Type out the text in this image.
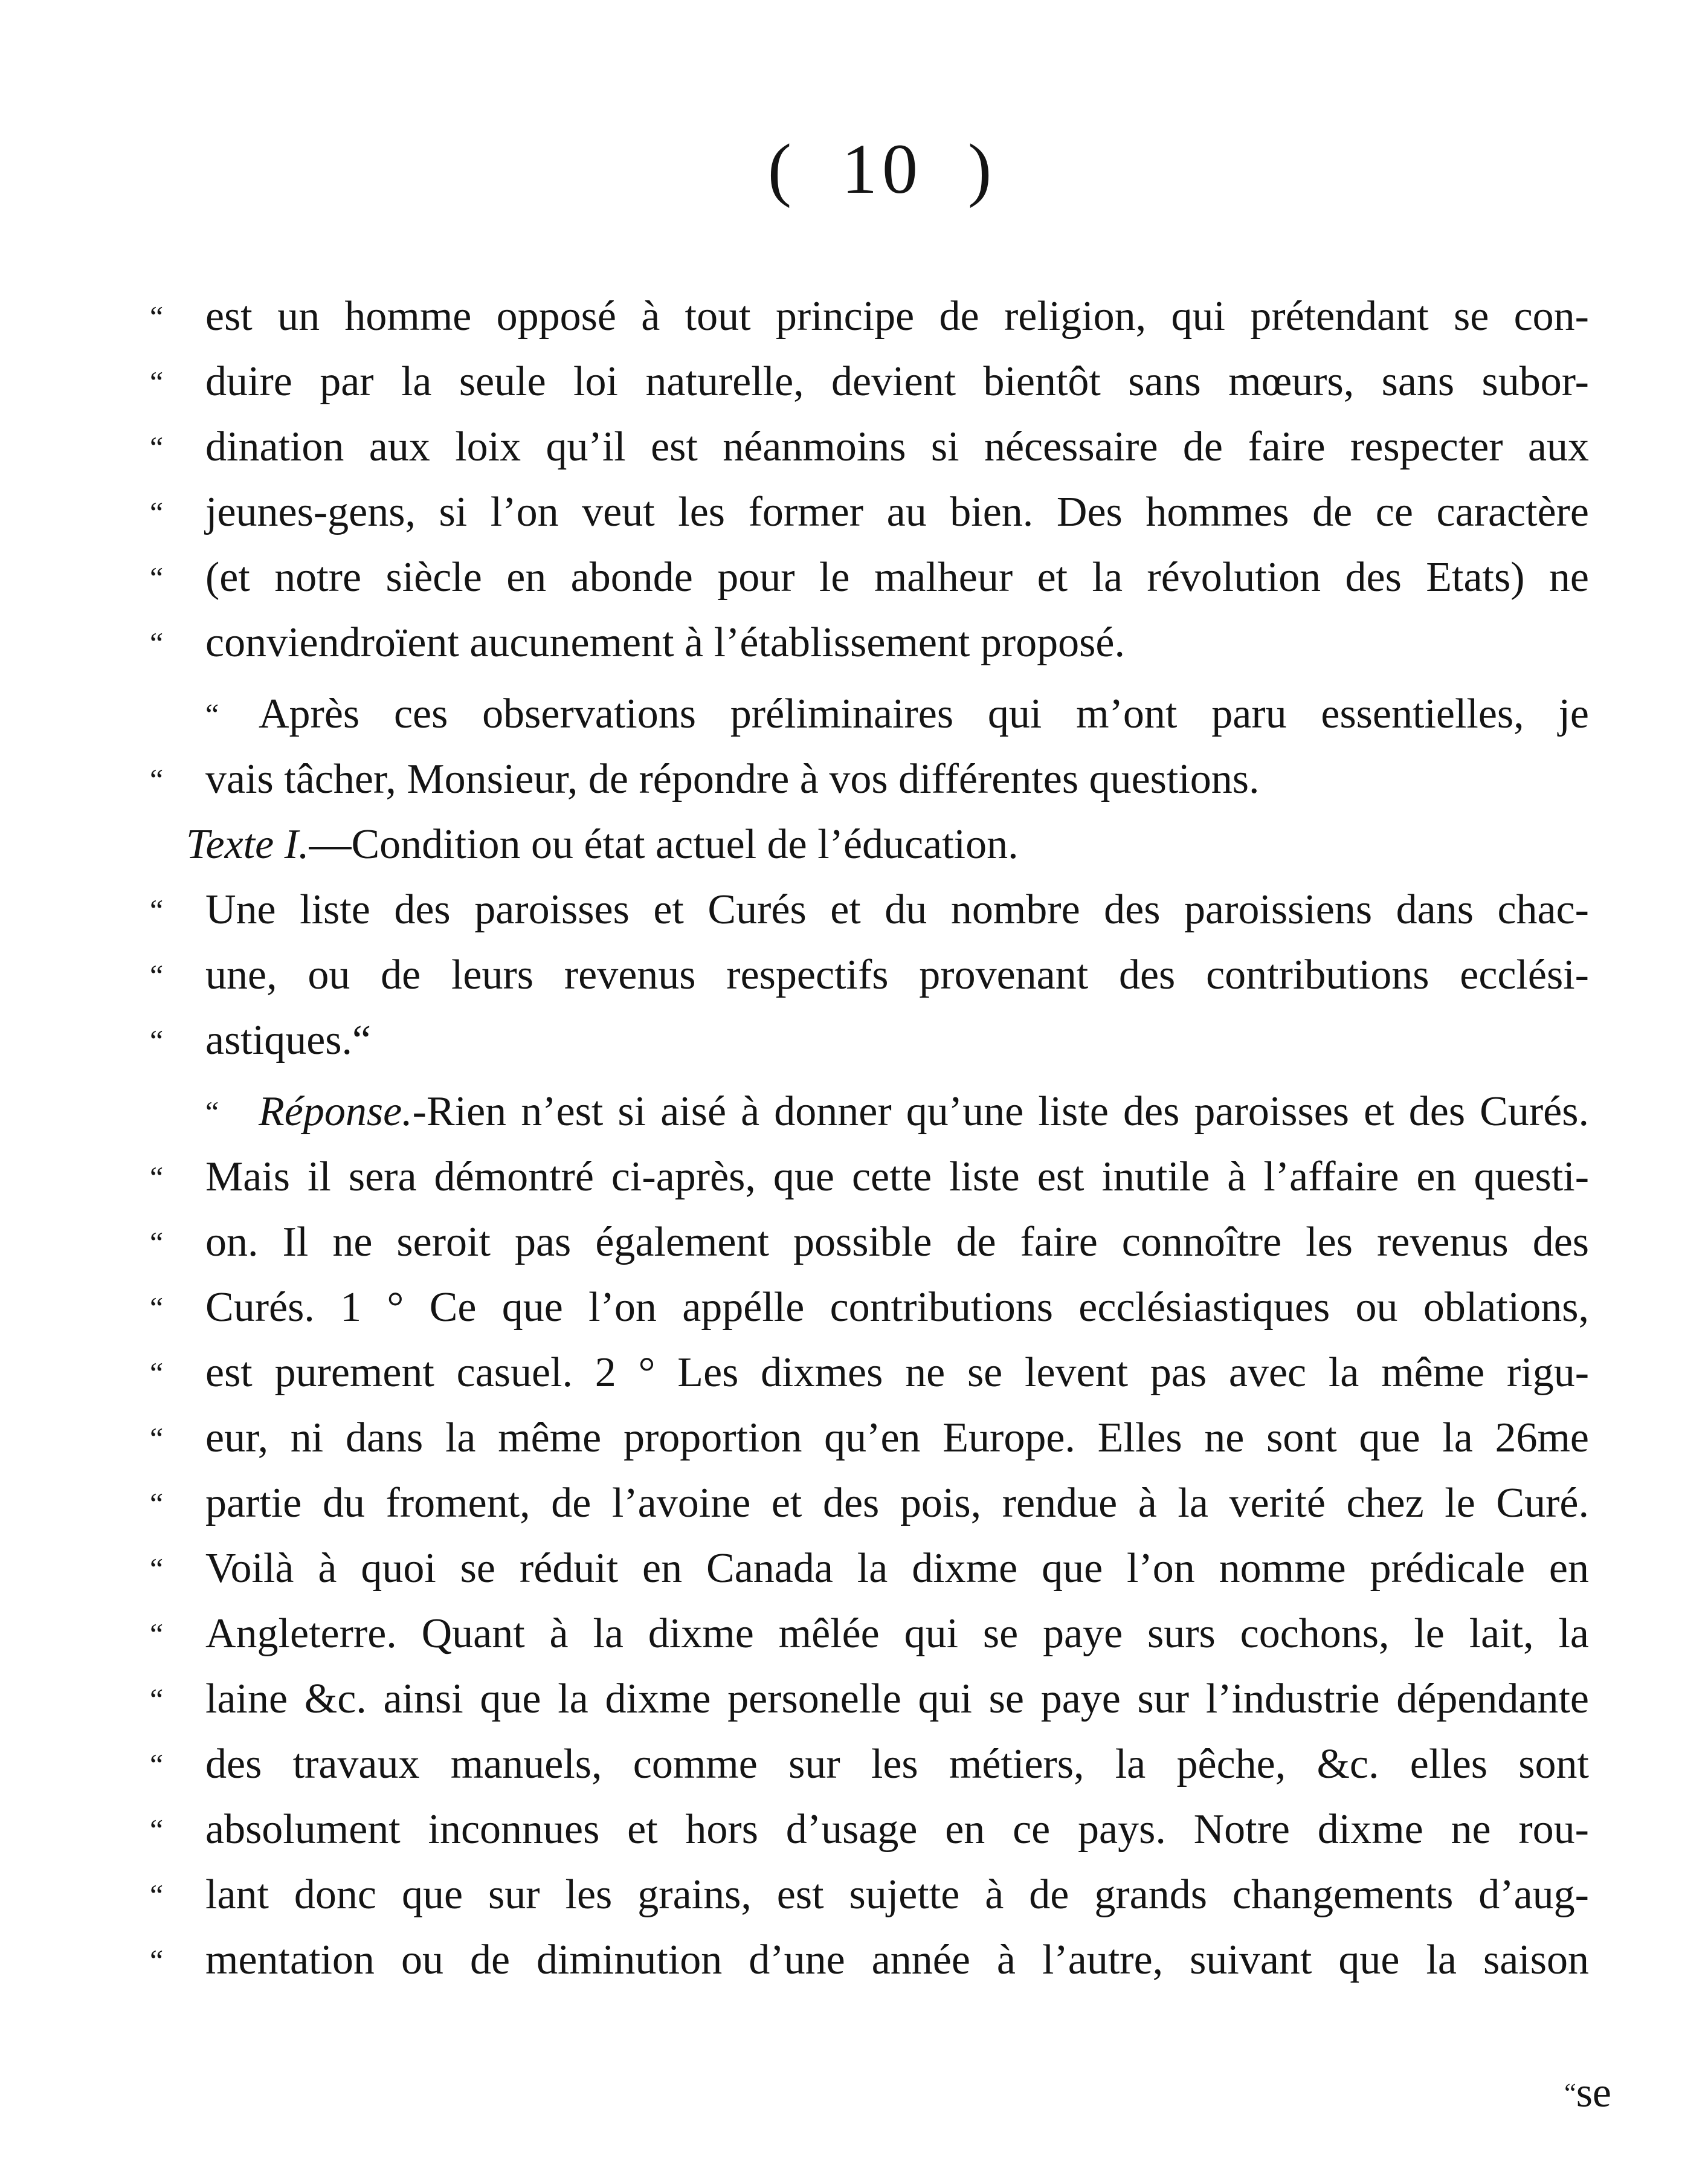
(  10  )
“ est un homme opposé à tout principe de religion, qui prétendant se con-
“ duire par la seule loi naturelle, devient bientôt sans mœurs, sans subor-
“ dination aux loix qu’il est néanmoins si nécessaire de faire respecter aux
“ jeunes-gens, si l’on veut les former au bien. Des hommes de ce caractère
“ (et notre siècle en abonde pour le malheur et la révolution des Etats) ne
“ conviendroïent aucunement à l’établissement proposé.
“ Après ces observations préliminaires qui m’ont paru essentielles, je
“ vais tâcher, Monsieur, de répondre à vos différentes questions.
Texte I.—Condition ou état actuel de l’éducation.
“ Une liste des paroisses et Curés et du nombre des paroissiens dans chac-
“ une, ou de leurs revenus respectifs provenant des contributions ecclési-
“ astiques.“
“ Réponse.-Rien n’est si aisé à donner qu’une liste des paroisses et des Curés.
“ Mais il sera démontré ci-après, que cette liste est inutile à l’affaire en questi-
“ on. Il ne seroit pas également possible de faire connoître les revenus des
“ Curés. 1 ° Ce que l’on appélle contributions ecclésiastiques ou oblations,
“ est purement casuel. 2 ° Les dixmes ne se levent pas avec la même rigu-
“ eur, ni dans la même proportion qu’en Europe. Elles ne sont que la 26me
“ partie du froment, de l’avoine et des pois, rendue à la verité chez le Curé.
“ Voilà à quoi se réduit en Canada la dixme que l’on nomme prédicale en
“ Angleterre. Quant à la dixme mêlée qui se paye surs cochons, le lait, la
“ laine &c. ainsi que la dixme personelle qui se paye sur l’industrie dépendante
“ des travaux manuels, comme sur les métiers, la pêche, &c. elles sont
“ absolument inconnues et hors d’usage en ce pays. Notre dixme ne rou-
“ lant donc que sur les grains, est sujette à de grands changements d’aug-
“ mentation ou de diminution d’une année à l’autre, suivant que la saison
“se
